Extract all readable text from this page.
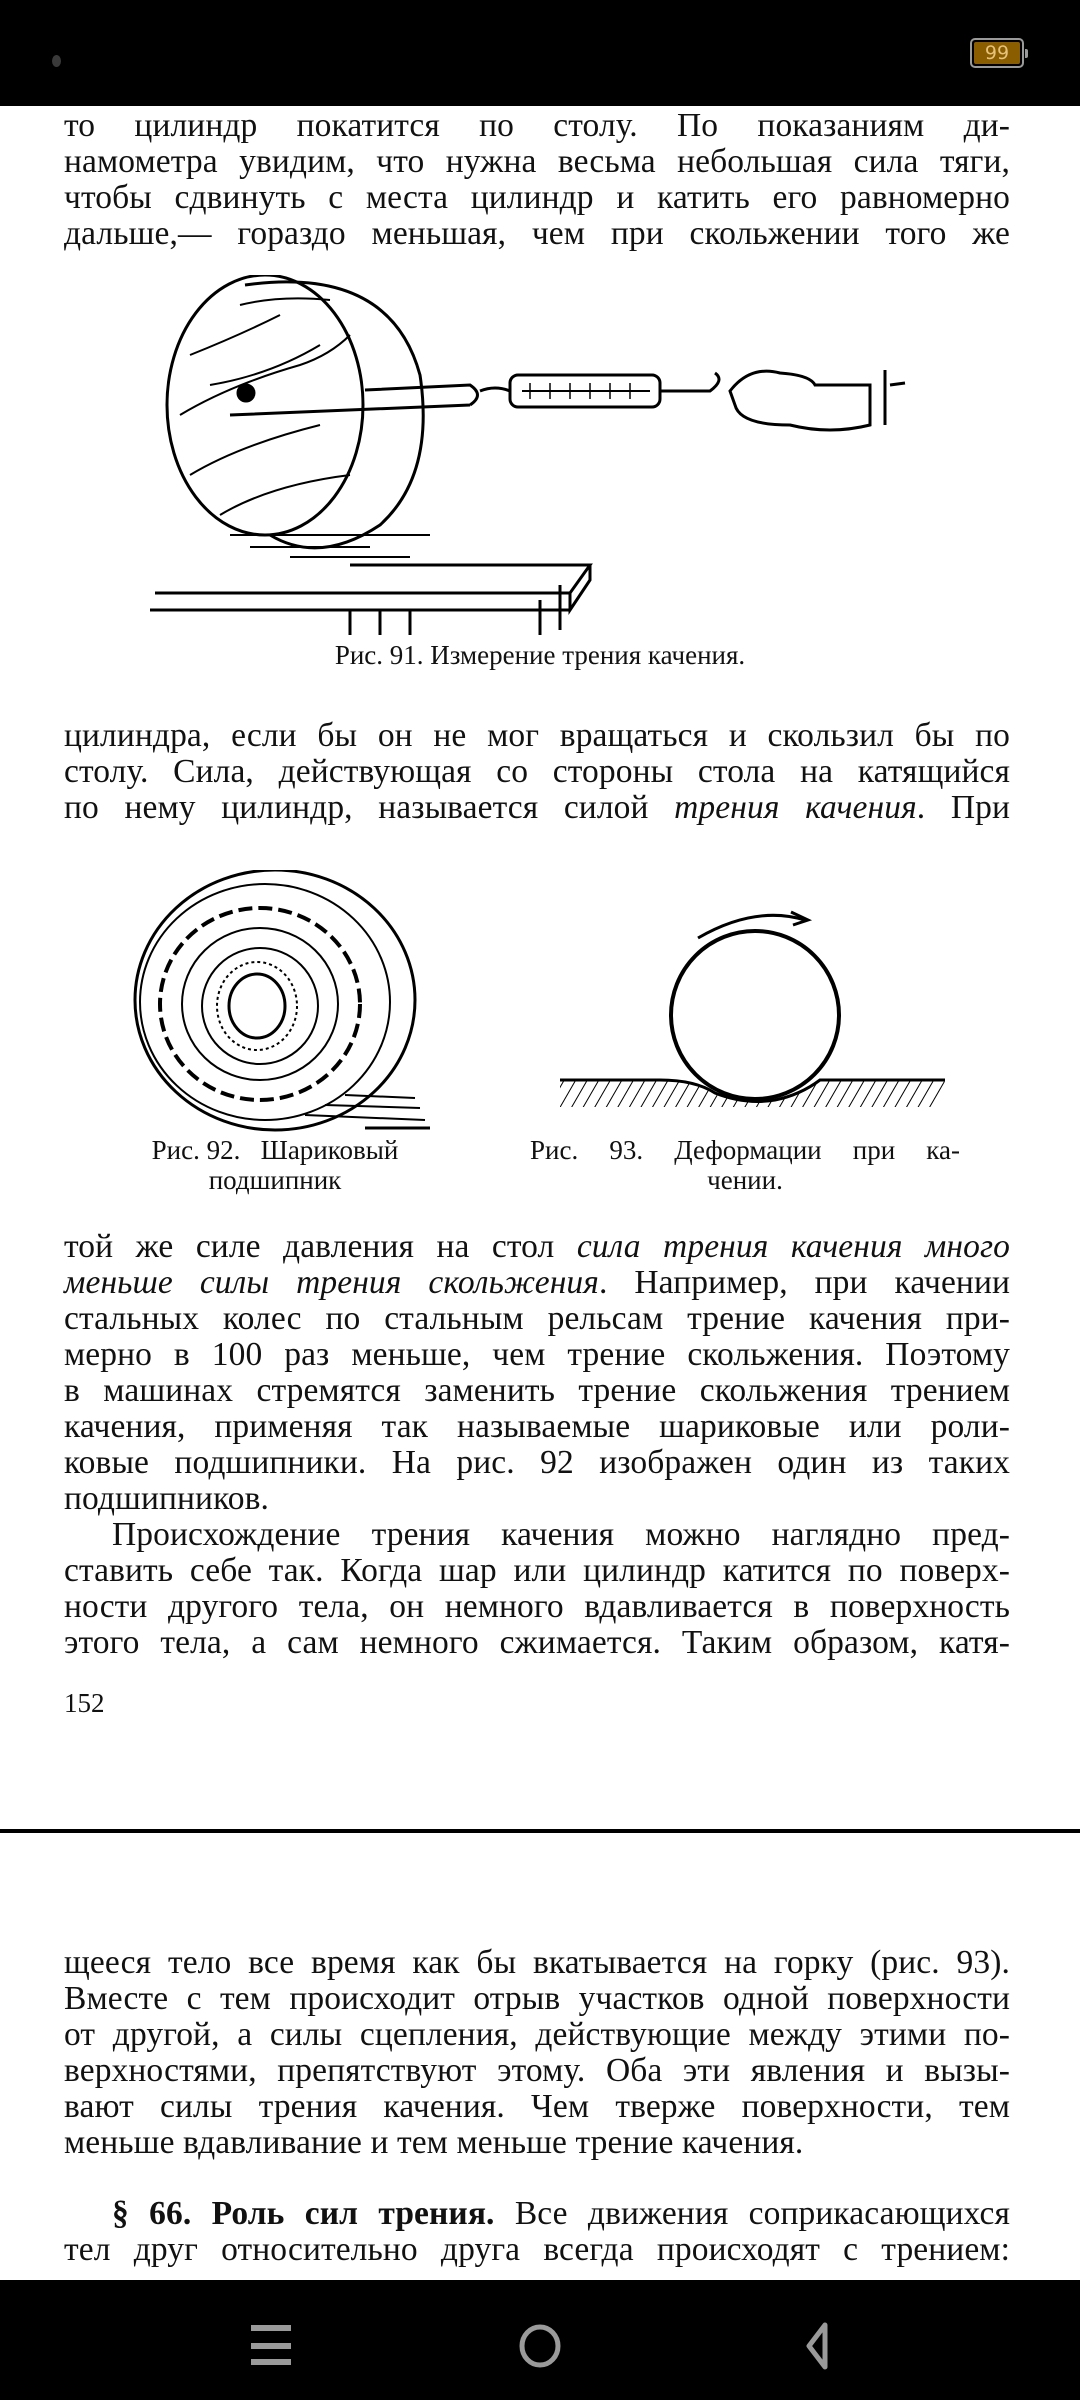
99
то цилиндр покатится по столу. По показаниям ди-
намометра увидим, что нужна весьма небольшая сила тяги,
чтобы сдвинуть с места цилиндр и катить его равномерно
дальше,— гораздо меньшая, чем при скольжении того же
Рис. 91. Измерение трения качения.
цилиндра, если бы он не мог вращаться и скользил бы по
столу. Сила, действующая со стороны стола на катящийся
по нему цилиндр, называется силой трения качения. При
Рис. 92.   Шариковый
подшипник
Рис. 93. Деформации при ка-
чении.
той же силе давления на стол сила трения качения много
меньше силы трения скольжения. Например, при качении
стальных колес по стальным рельсам трение качения при-
мерно в 100 раз меньше, чем трение скольжения. Поэтому
в машинах стремятся заменить трение скольжения трением
качения, применяя так называемые шариковые или роли-
ковые подшипники. На рис. 92 изображен один из таких
подшипников.
Происхождение трения качения можно наглядно пред-
ставить себе так. Когда шар или цилиндр катится по поверх-
ности другого тела, он немного вдавливается в поверхность
этого тела, а сам немного сжимается. Таким образом, катя-
152
щееся тело все время как бы вкатывается на горку (рис. 93).
Вместе с тем происходит отрыв участков одной поверхности
от другой, а силы сцепления, действующие между этими по-
верхностями, препятствуют этому. Оба эти явления и вызы-
вают силы трения качения. Чем тверже поверхности, тем
меньше вдавливание и тем меньше трение качения.
§ 66. Роль сил трения. Все движения соприкасающихся
тел друг относительно друга всегда происходят с трением:
